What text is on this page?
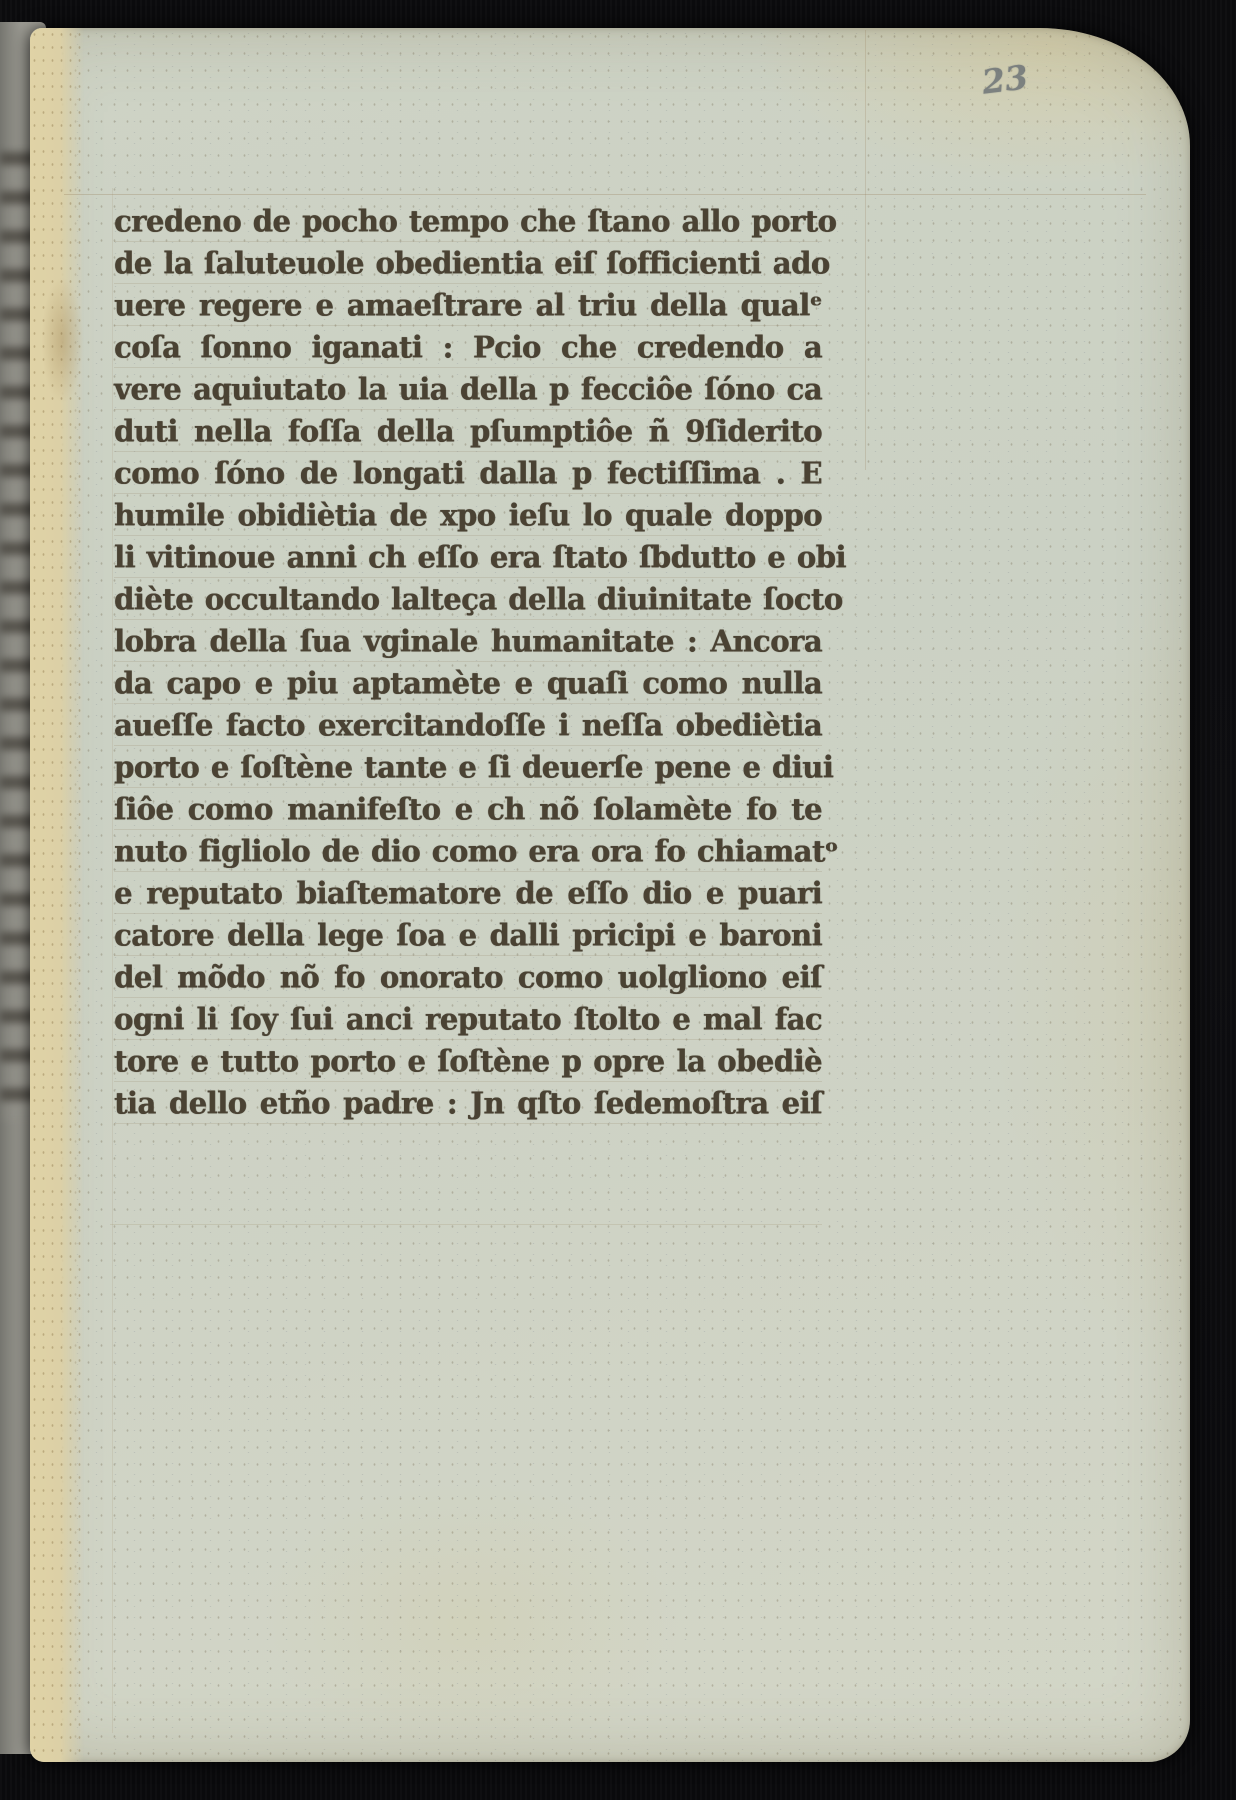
23
credeno de pocho tempo che ſtano allo porto
de la ſaluteuole obedientia eiſ ſofficienti ado
uere regere e amaeſtrare al triu della qualᵉ
coſa ſonno iganati : Pcio che credendo a
vere aquiutato la uia della p fecciôe ſóno ca
duti nella foſſa della pſumptiôe ñ 9ſiderito
como ſóno de longati dalla p fectiſſima . E
humile obidiètia de xpo ieſu lo quale doppo
li vitinoue anni ch eſſo era ſtato ſbdutto e obi
diète occultando lalteça della diuinitate ſocto
lobra della ſua vginale humanitate : Ancora
da capo e piu aptamète e quaſi como nulla
aueſſe facto exercitandoſſe i neſſa obediètia
porto e ſoſtène tante e ſi deuerſe pene e diui
ſiôe como manifeſto e ch nõ ſolamète fo te
nuto figliolo de dio como era ora fo chiamatᵒ
e reputato biaſtematore de eſſo dio e puari
catore della lege ſoa e dalli pricipi e baroni
del mõdo nõ fo onorato como uolgliono eiſ
ogni li ſoy ſui anci reputato ſtolto e mal fac
tore e tutto porto e ſoſtène p opre la obediè
tia dello etño padre : Jn qſto ſedemoſtra eiſ
